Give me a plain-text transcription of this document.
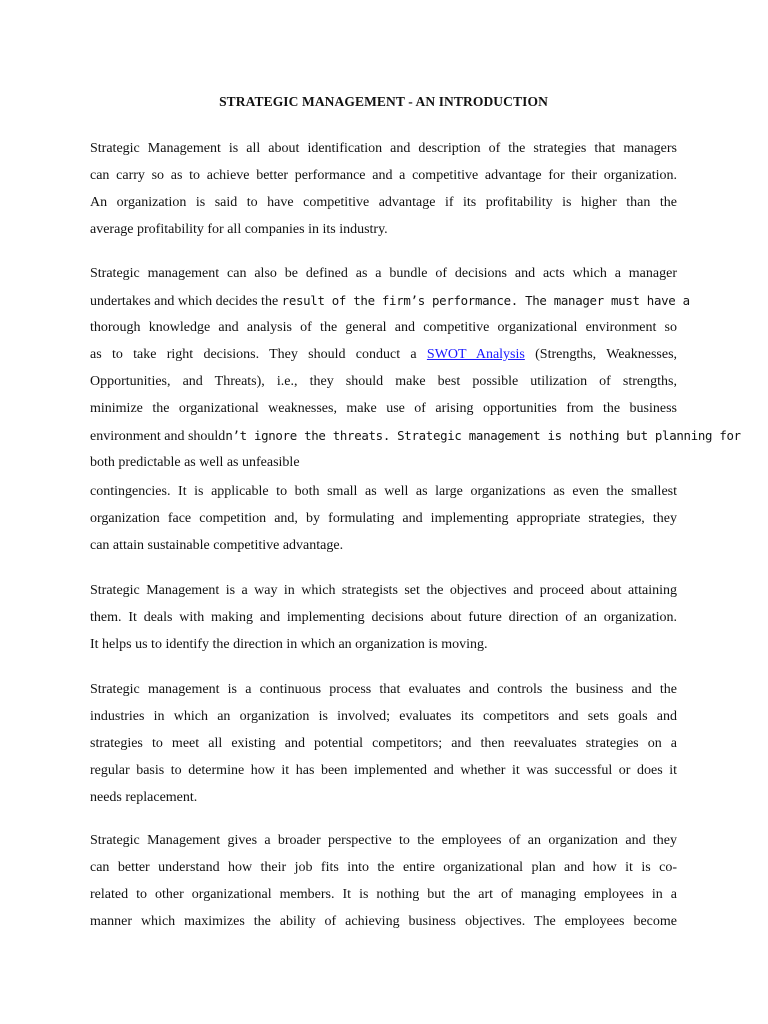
STRATEGIC MANAGEMENT - AN INTRODUCTION

Strategic Management is all about identification and description of the strategies that managers
can carry so as to achieve better performance and a competitive advantage for their organization.
An organization is said to have competitive advantage if its profitability is higher than the
average profitability for all companies in its industry.

Strategic management can also be defined as a bundle of decisions and acts which a manager
undertakes and which decides the result of the firm’s performance. The manager must have a
thorough knowledge and analysis of the general and competitive organizational environment so
as to take right decisions. They should conduct a SWOT Analysis (Strengths, Weaknesses,
Opportunities, and Threats), i.e., they should make best possible utilization of strengths,
minimize the organizational weaknesses, make use of arising opportunities from the business
environment and shouldn’t ignore the threats. Strategic management is nothing but planning for
both predictable as well as unfeasible

contingencies. It is applicable to both small as well as large organizations as even the smallest
organization face competition and, by formulating and implementing appropriate strategies, they
can attain sustainable competitive advantage.

Strategic Management is a way in which strategists set the objectives and proceed about attaining
them. It deals with making and implementing decisions about future direction of an organization.
It helps us to identify the direction in which an organization is moving.

Strategic management is a continuous process that evaluates and controls the business and the
industries in which an organization is involved; evaluates its competitors and sets goals and
strategies to meet all existing and potential competitors; and then reevaluates strategies on a
regular basis to determine how it has been implemented and whether it was successful or does it
needs replacement.

Strategic Management gives a broader perspective to the employees of an organization and they
can better understand how their job fits into the entire organizational plan and how it is co-
related to other organizational members. It is nothing but the art of managing employees in a
manner which maximizes the ability of achieving business objectives. The employees become
